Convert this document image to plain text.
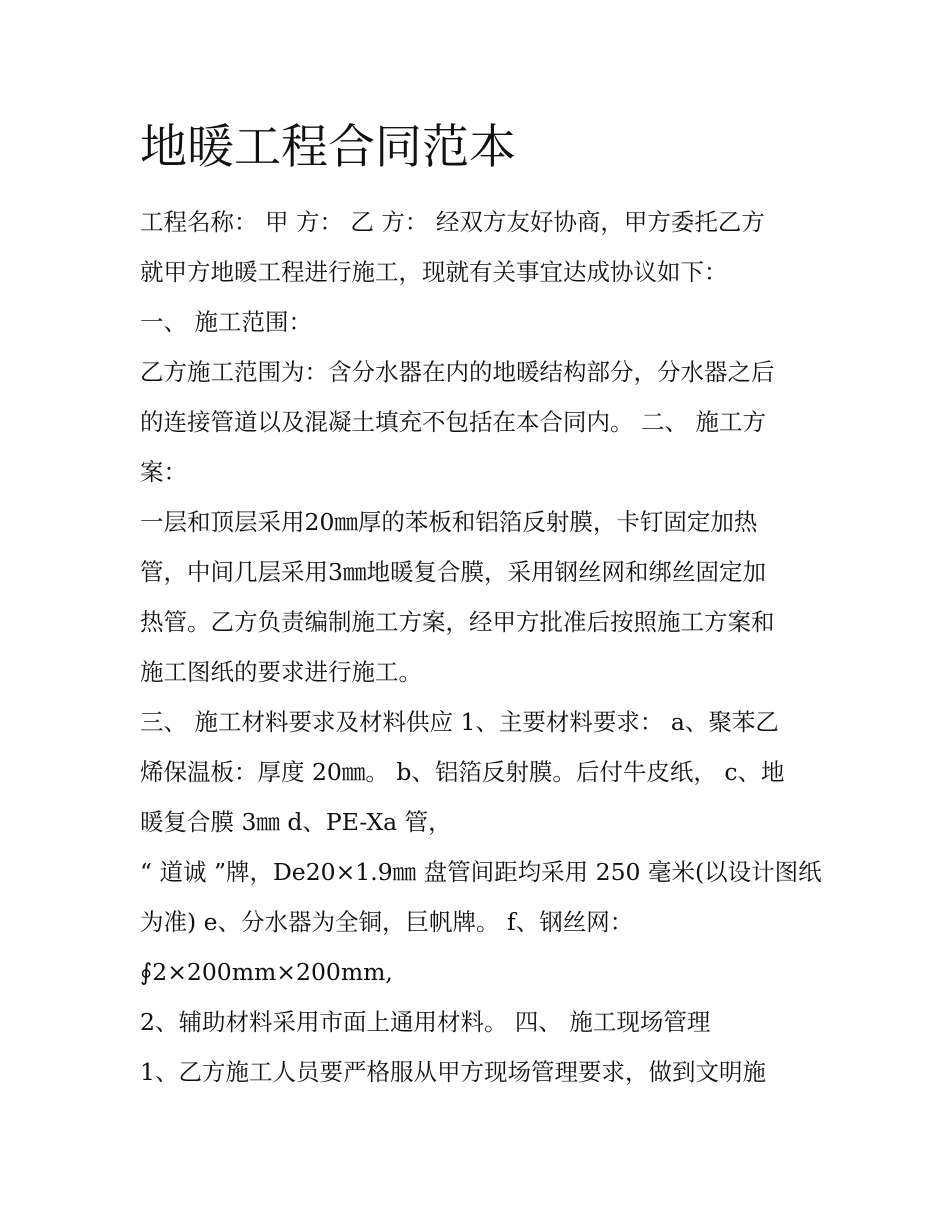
地暖工程合同范本
工程名称： 甲 方： 乙 方： 经双方友好协商，甲方委托乙方
就甲方地暖工程进行施工，现就有关事宜达成协议如下：
一、 施工范围：
乙方施工范围为：含分水器在内的地暖结构部分，分水器之后
的连接管道以及混凝土填充不包括在本合同内。 二、 施工方
案：
一层和顶层采用20㎜厚的苯板和铝箔反射膜，卡钉固定加热
管，中间几层采用3㎜地暖复合膜，采用钢丝网和绑丝固定加
热管。乙方负责编制施工方案，经甲方批准后按照施工方案和
施工图纸的要求进行施工。
三、 施工材料要求及材料供应 1、主要材料要求： a、聚苯乙
烯保温板：厚度 20㎜。 b、铝箔反射膜。后付牛皮纸， c、地
暖复合膜 3㎜ d、PE-Xa 管，
“ 道诚 ”牌，De20×1.9㎜ 盘管间距均采用 250 毫米(以设计图纸
为准) e、分水器为全铜，巨帆牌。 f、钢丝网：
∮2×200mm×200mm,
2、辅助材料采用市面上通用材料。 四、 施工现场管理
1、乙方施工人员要严格服从甲方现场管理要求，做到文明施
